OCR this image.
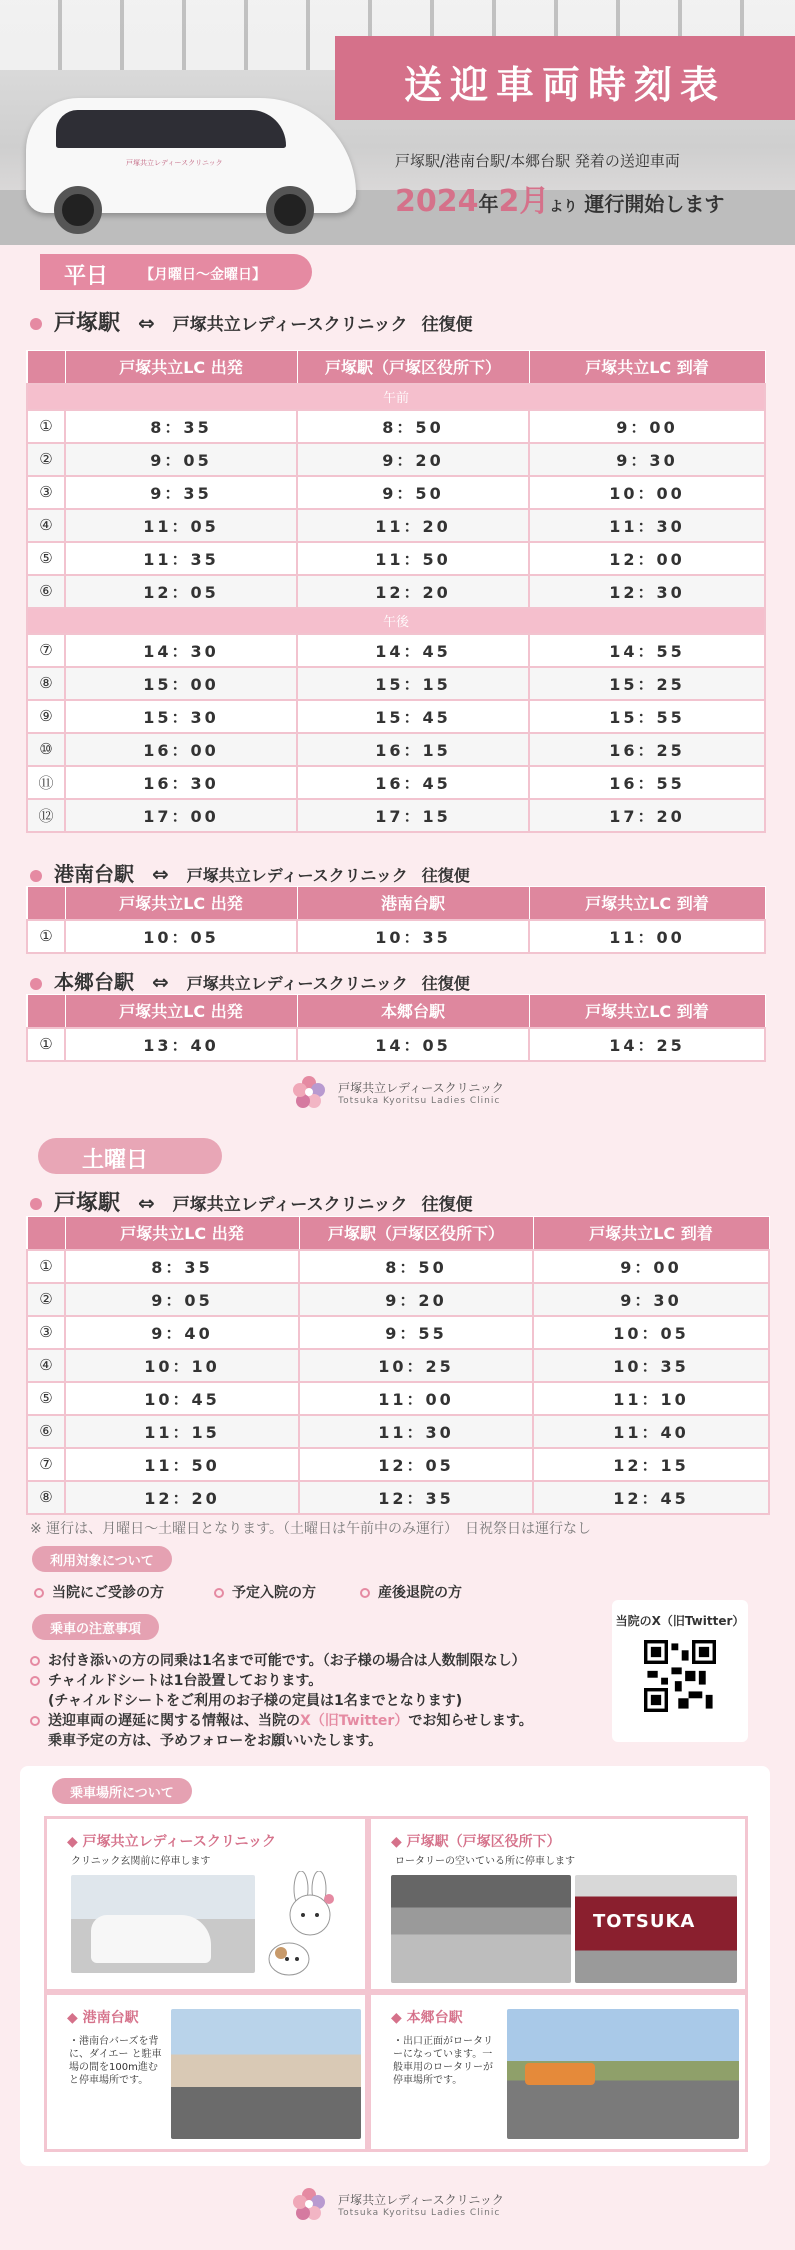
戸塚共立レディースクリニック
送迎車両時刻表
戸塚駅/港南台駅/本郷台駅 発着の送迎車両
2024年2月より 運行開始します
平日 【月曜日〜金曜日】
戸塚駅 ⇔ 戸塚共立レディースクリニック 往復便
	戸塚共立LC 出発	戸塚駅（戸塚区役所下）	戸塚共立LC 到着
午前			
①	8：35	8：50	9：00
②	9：05	9：20	9：30
③	9：35	9：50	10：00
④	11：05	11：20	11：30
⑤	11：35	11：50	12：00
⑥	12：05	12：20	12：30
午後			
⑦	14：30	14：45	14：55
⑧	15：00	15：15	15：25
⑨	15：30	15：45	15：55
⑩	16：00	16：15	16：25
⑪	16：30	16：45	16：55
⑫	17：00	17：15	17：20
港南台駅 ⇔ 戸塚共立レディースクリニック 往復便
	戸塚共立LC 出発	港南台駅	戸塚共立LC 到着
①	10：05	10：35	11：00
本郷台駅 ⇔ 戸塚共立レディースクリニック 往復便
	戸塚共立LC 出発	本郷台駅	戸塚共立LC 到着
①	13：40	14：05	14：25

戸塚共立レディースクリニック
Totsuka Kyoritsu Ladies Clinic
土曜日
戸塚駅 ⇔ 戸塚共立レディースクリニック 往復便
	戸塚共立LC 出発	戸塚駅（戸塚区役所下）	戸塚共立LC 到着
①	8：35	8：50	9：00
②	9：05	9：20	9：30
③	9：40	9：55	10：05
④	10：10	10：25	10：35
⑤	10：45	11：00	11：10
⑥	11：15	11：30	11：40
⑦	11：50	12：05	12：15
⑧	12：20	12：35	12：45
※ 運行は、月曜日〜土曜日となります。（土曜日は午前中のみ運行）　日祝祭日は運行なし
利用対象について
当院にご受診の方	予定入院の方	産後退院の方
乗車の注意事項
お付き添いの方の同乗は1名まで可能です。（お子様の場合は人数制限なし）
チャイルドシートは1台設置しております。
(チャイルドシートをご利用のお子様の定員は1名までとなります)
送迎車両の遅延に関する情報は、当院のX（旧Twitter）でお知らせします。
乗車予定の方は、予めフォローをお願いいたします。
当院のX（旧Twitter）
乗車場所について
◆ 戸塚共立レディースクリニック
クリニック玄関前に停車します
◆ 戸塚駅（戸塚区役所下）
ロータリーの空いている所に停車します
TOTSUKA
◆ 港南台駅
・港南台バーズを背に、ダイエー と駐車場の間を100m進むと停車場所です。
◆ 本郷台駅
・出口正面がロータリーになっています。一般車用のロータリーが停車場所です。

戸塚共立レディースクリニック
Totsuka Kyoritsu Ladies Clinic
